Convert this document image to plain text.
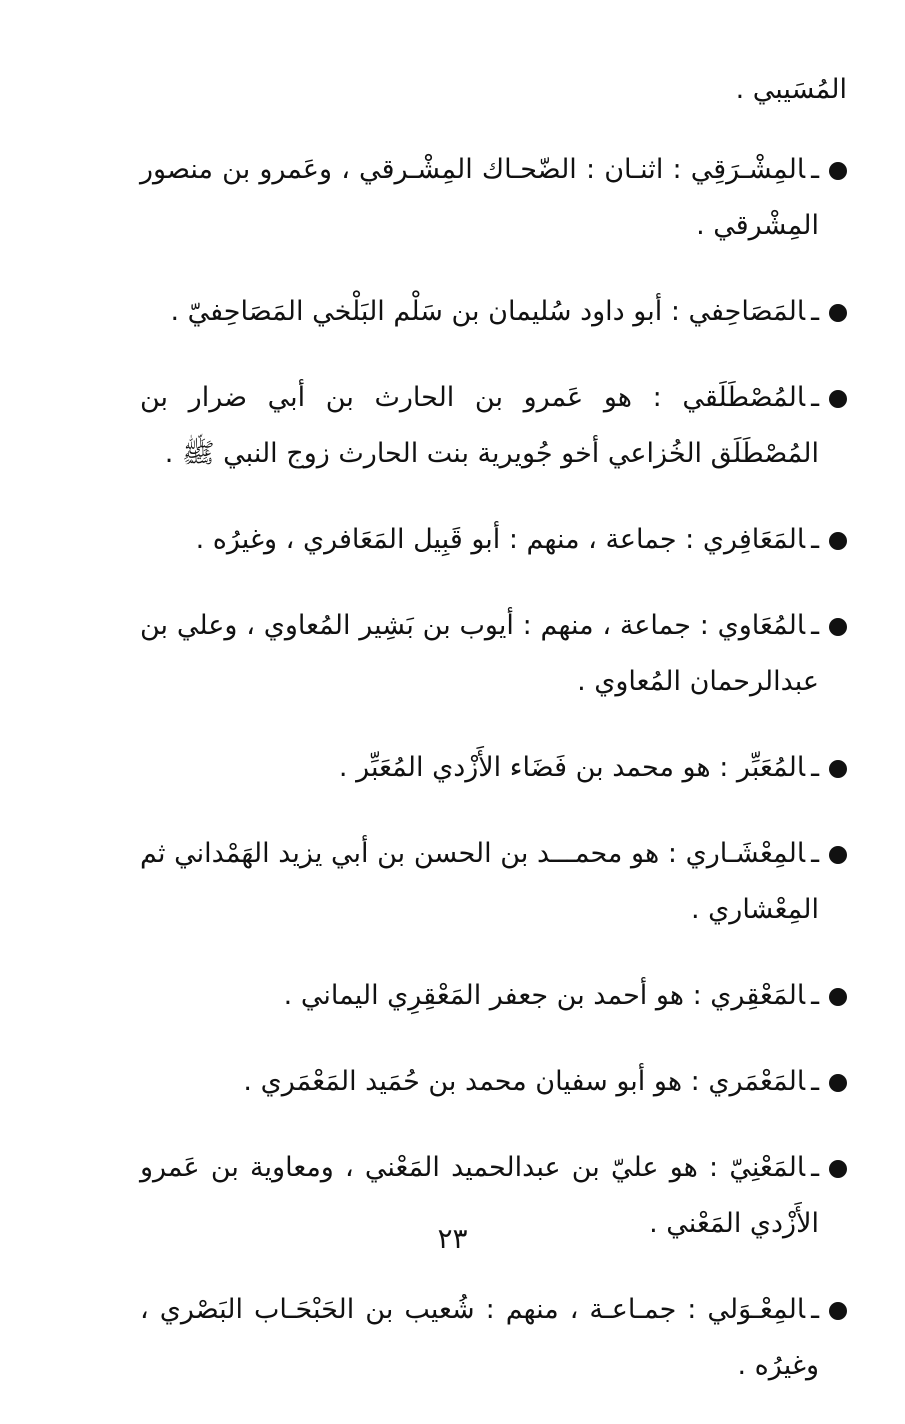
المُسَيبي .

ـالمِشْـرَقِي : اثنـان : الضّحـاك المِشْـرقي ، وعَمرو بن منصور المِشْرقي .
ـالمَصَاحِفي : أبو داود سُليمان بن سَلْم البَلْخي المَصَاحِفيّ .
ـالمُصْطَلَقي : هو عَمرو بن الحارث بن أبي ضرار بن المُصْطَلَق الخُزاعي أخو جُويرية بنت الحارث زوج النبي ﷺ .
ـالمَعَافِري : جماعة ، منهم : أبو قَبِيل المَعَافري ، وغيرُه .
ـالمُعَاوي : جماعة ، منهم : أيوب بن بَشِير المُعاوي ، وعلي بن عبدالرحمان المُعاوي .
ـالمُعَبِّر : هو محمد بن فَضَاء الأَزْدي المُعَبِّر .
ـالمِعْشَـاري : هو محمـــد بن الحسن بن أبي يزيد الهَمْداني ثم المِعْشاري .
ـالمَعْقِري : هو أحمد بن جعفر المَعْقِرِي اليماني .
ـالمَعْمَري : هو أبو سفيان محمد بن حُمَيد المَعْمَري .
ـالمَعْنِيّ : هو عليّ بن عبدالحميد المَعْني ، ومعاوية بن عَمرو الأَزْدي المَعْني .
ـالمِعْـوَلي : جمـاعـة ، منهم : شُعيب بن الحَبْحَـاب البَصْري ، وغيرُه .
٢٣
